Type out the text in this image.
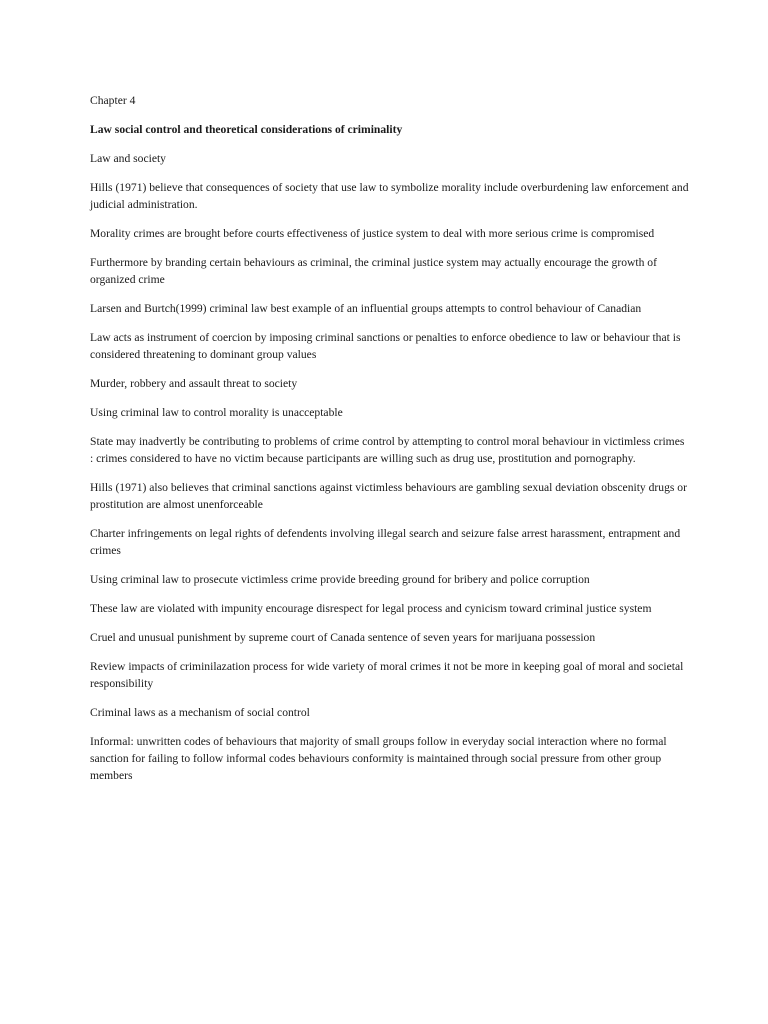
Chapter 4

Law social control and theoretical considerations of criminality

Law and society

Hills (1971) believe that consequences of society that use law to symbolize morality include overburdening law enforcement and judicial administration.

Morality crimes are brought before courts effectiveness of justice system to deal with more serious crime is compromised

Furthermore by branding certain behaviours as criminal, the criminal justice system may actually encourage the growth of organized crime

Larsen and Burtch(1999) criminal law best example of an influential groups attempts to control behaviour of Canadian

Law acts as instrument of coercion by imposing criminal sanctions or penalties to enforce obedience to law or behaviour that is considered threatening to dominant group values

Murder, robbery and assault threat to society

Using criminal law to control morality is unacceptable

State may inadvertly be contributing to problems of crime control by attempting to control moral behaviour in victimless crimes : crimes considered to have no victim because participants are willing such as drug use, prostitution and pornography.

Hills (1971) also believes that criminal sanctions against victimless behaviours are gambling sexual deviation obscenity drugs or prostitution are almost unenforceable

Charter infringements on legal rights of defendents involving illegal search and seizure false arrest harassment, entrapment and crimes

Using criminal law to prosecute victimless crime provide breeding ground for bribery and police corruption

These law are violated with impunity encourage disrespect for legal process and cynicism toward criminal justice system

Cruel and unusual punishment by supreme court of Canada sentence of seven years for marijuana possession

Review impacts of criminilazation process for wide variety of moral crimes it not be more in keeping goal of moral and societal responsibility

Criminal laws as a mechanism of social control

Informal: unwritten codes of behaviours that majority of small groups follow in everyday social interaction where no formal sanction for failing to follow informal codes behaviours conformity is maintained through social pressure from other group members
